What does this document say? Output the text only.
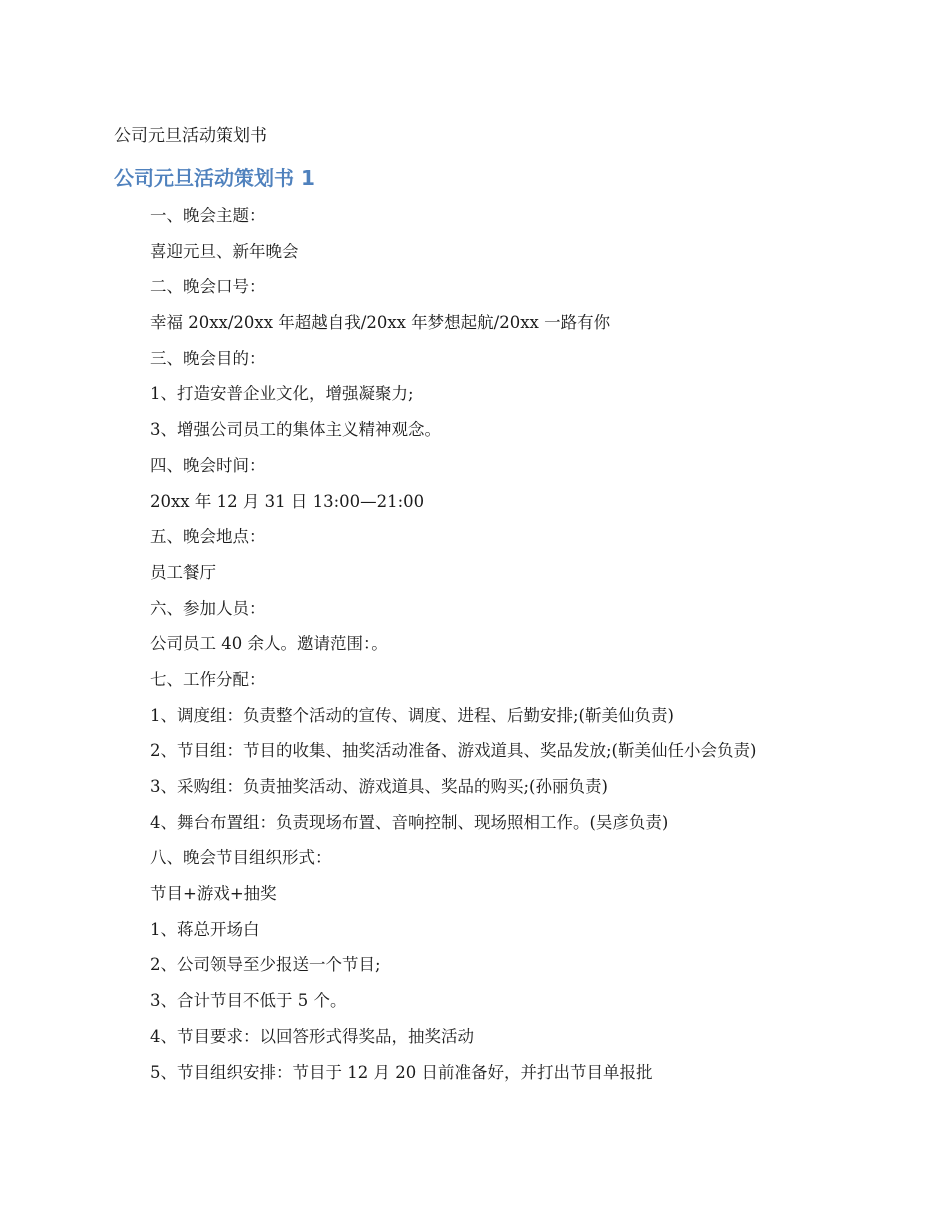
公司元旦活动策划书
公司元旦活动策划书 1
一、晚会主题：
喜迎元旦、新年晚会
二、晚会口号：
幸福 20xx/20xx 年超越自我/20xx 年梦想起航/20xx 一路有你
三、晚会目的：
1、打造安普企业文化，增强凝聚力;
3、增强公司员工的集体主义精神观念。
四、晚会时间：
20xx 年 12 月 31 日 13:00—21:00
五、晚会地点：
员工餐厅
六、参加人员：
公司员工 40 余人。邀请范围：。
七、工作分配：
1、调度组：负责整个活动的宣传、调度、进程、后勤安排;(靳美仙负责)
2、节目组：节目的收集、抽奖活动准备、游戏道具、奖品发放;(靳美仙任小会负责)
3、采购组：负责抽奖活动、游戏道具、奖品的购买;(孙丽负责)
4、舞台布置组：负责现场布置、音响控制、现场照相工作。(吴彦负责)
八、晚会节目组织形式：
节目+游戏+抽奖
1、蒋总开场白
2、公司领导至少报送一个节目;
3、合计节目不低于 5 个。
4、节目要求：以回答形式得奖品，抽奖活动
5、节目组织安排：节目于 12 月 20 日前准备好，并打出节目单报批
